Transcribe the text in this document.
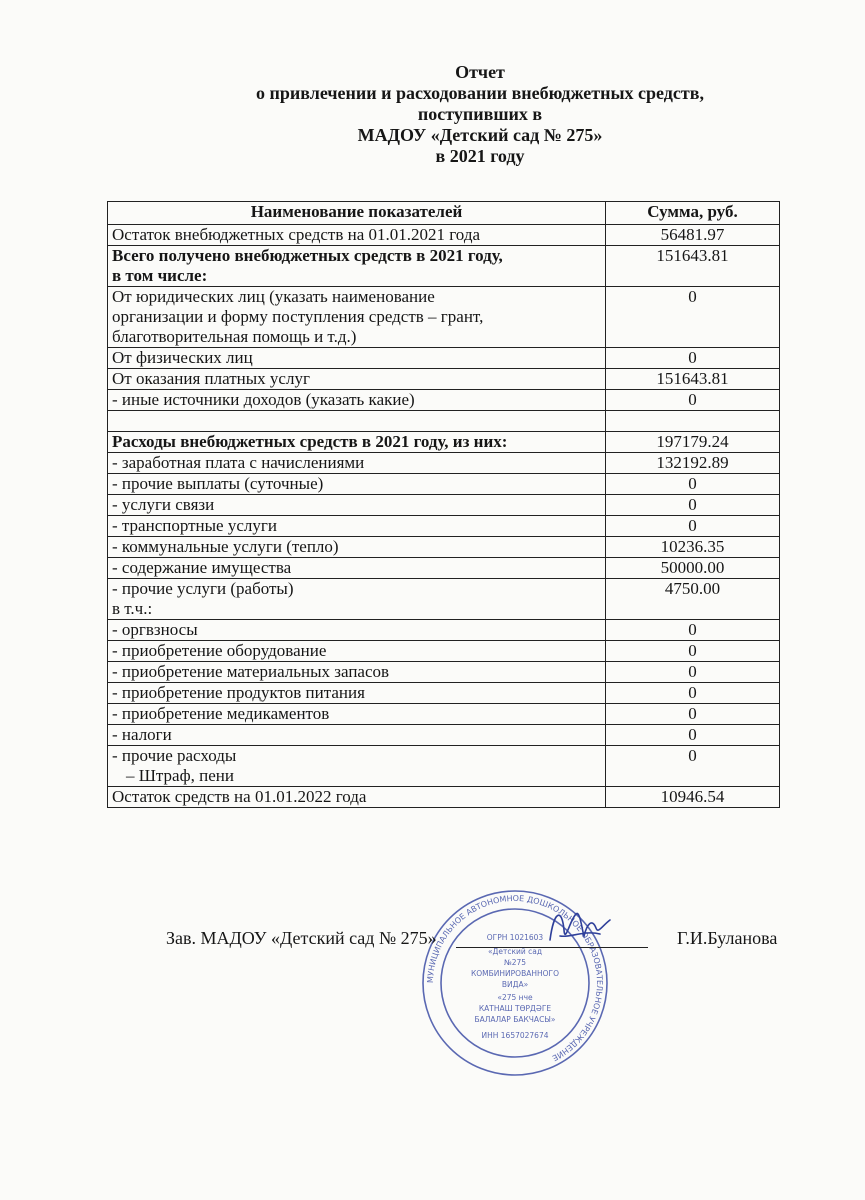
Отчет
о привлечении и расходовании внебюджетных средств,
поступивших в
МАДОУ «Детский сад № 275»
в 2021 году
Наименование показателей	Сумма, руб.
Остаток внебюджетных средств на 01.01.2021 года	56481.97

Всего получено внебюджетных средств в 2021 году,
в том числе:	151643.81

От юридических лиц (указать наименование
организации и форму поступления средств – грант,
благотворительная помощь и т.д.)	0
От физических лиц	0
От оказания платных услуг	151643.81
- иные источники доходов (указать какие)	0

Расходы внебюджетных средств в 2021 году, из них:	197179.24
- заработная плата с начислениями	132192.89
- прочие выплаты (суточные)	0
- услуги связи	0
- транспортные услуги	0
- коммунальные услуги (тепло)	10236.35
- содержание имущества	50000.00

- прочие услуги (работы)
в т.ч.:	4750.00
- оргвзносы	0
- приобретение оборудование	0
- приобретение материальных запасов	0
- приобретение продуктов питания	0
- приобретение медикаментов	0
- налоги	0

- прочие расходы
– Штраф, пени	0
Остаток средств на 01.01.2022 года	10946.54
МУНИЦИПАЛЬНОЕ АВТОНОМНОЕ ДОШКОЛЬНОЕ ОБРАЗОВАТЕЛЬНОЕ УЧРЕЖДЕНИЕ
ОГРН 1021603
«Детский сад
№275
КОМБИНИРОВАННОГО
ВИДА»
«275 нче
КАТНАШ ТӨРДӘГЕ
БАЛАЛАР БАКЧАСЫ»
ИНН 1657027674
Зав. МАДОУ «Детский сад № 275»	Г.И.Буланова
